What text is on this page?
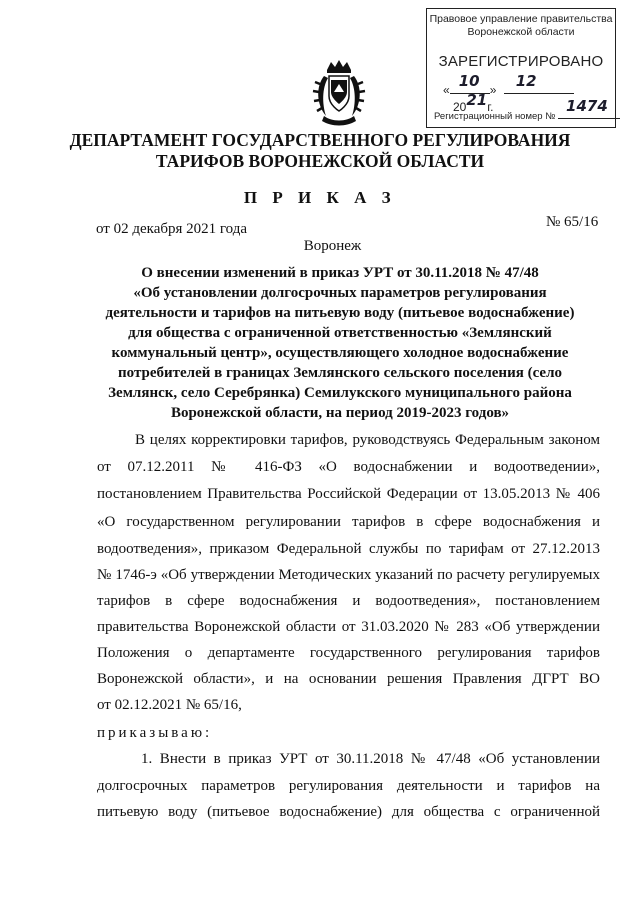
Правовое управление правительства
Воронежской области
ЗАРЕГИСТРИРОВАНО
« 10 » 12
2021г.
Регистрационный номер №
1474
ДЕПАРТАМЕНТ ГОСУДАРСТВЕННОГО РЕГУЛИРОВАНИЯ
ТАРИФОВ ВОРОНЕЖСКОЙ ОБЛАСТИ
П Р И К А З
от 02 декабря 2021 года	№ 65/16
Воронеж
О внесении изменений в приказ УРТ от 30.11.2018 № 47/48
«Об установлении долгосрочных параметров регулирования
деятельности и тарифов на питьевую воду (питьевое водоснабжение)
для общества с ограниченной ответственностью «Землянский
коммунальный центр», осуществляющего холодное водоснабжение
потребителей в границах Землянского сельского поселения (село
Землянск, село Серебрянка) Семилукского муниципального района
Воронежской области, на период 2019-2023 годов»
В целях корректировки тарифов, руководствуясь Федеральным законом
от 07.12.2011 № 416-ФЗ «О водоснабжении и водоотведении»,
постановлением Правительства Российской Федерации от 13.05.2013 № 406
«О государственном регулировании тарифов в сфере водоснабжения и
водоотведения», приказом Федеральной службы по тарифам от 27.12.2013
№ 1746-э «Об утверждении Методических указаний по расчету регулируемых
тарифов в сфере водоснабжения и водоотведения», постановлением
правительства Воронежской области от 31.03.2020 № 283 «Об утверждении
Положения о департаменте государственного регулирования тарифов
Воронежской области», и на основании решения Правления ДГРТ ВО
от 02.12.2021 № 65/16,
приказываю:
1. Внести в приказ УРТ от 30.11.2018 № 47/48 «Об установлении
долгосрочных параметров регулирования деятельности и тарифов на
питьевую воду (питьевое водоснабжение) для общества с ограниченной
